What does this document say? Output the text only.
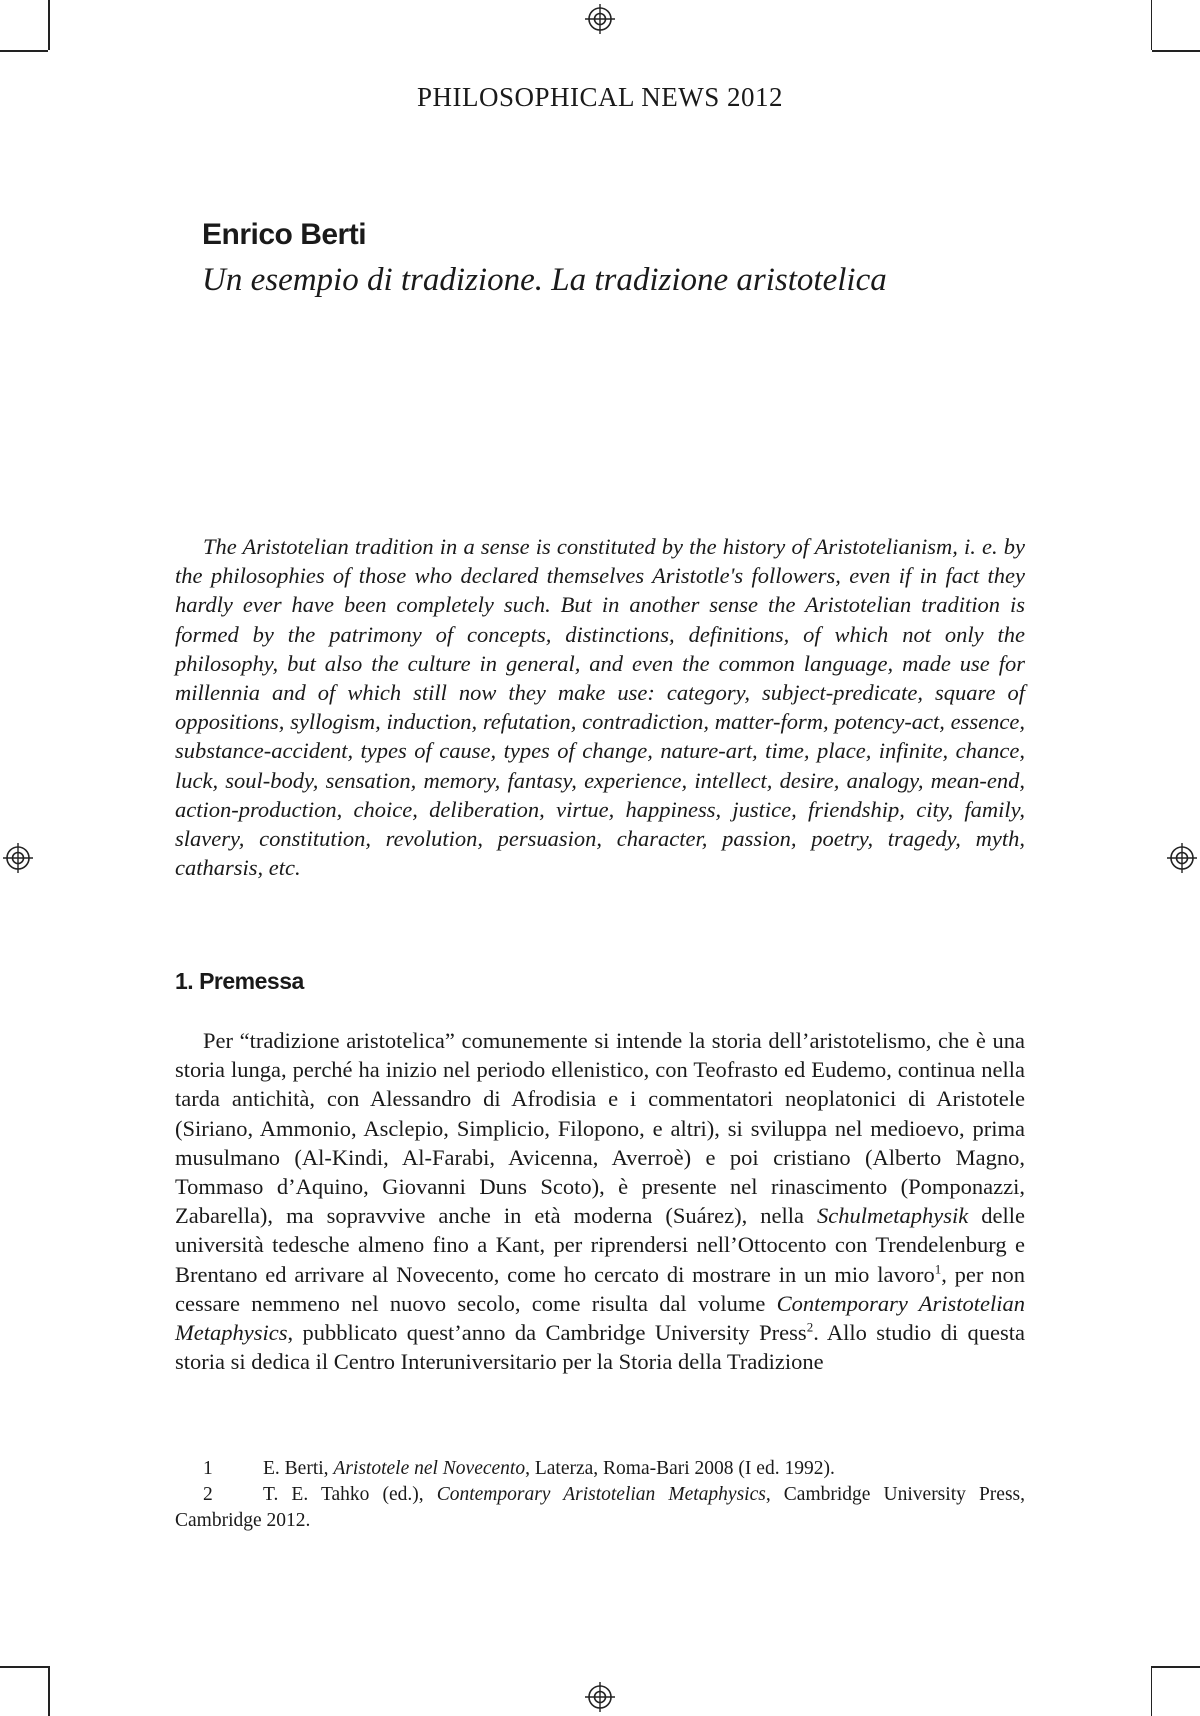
PHILOSOPHICAL NEWS 2012
Enrico Berti
Un esempio di tradizione. La tradizione aristotelica

The Aristotelian tradition in a sense is constituted by the history of Aristotelianism, i. e. by the philosophies of those who declared themselves Aristotle's followers, even if in fact they hardly ever have been completely such. But in another sense the Aristotelian tradition is formed by the patrimony of concepts, distinctions, definitions, of which not only the philosophy, but also the culture in general, and even the common language, made use for millennia and of which still now they make use: category, subject-predicate, square of oppositions, syllogism, induction, refutation, contradiction, matter-form, potency-act, essence, substance-accident, types of cause, types of change, nature-art, time, place, infinite, chance, luck, soul-body, sensation, memory, fantasy, experience, intellect, desire, analogy, mean-end, action-production, choice, deliberation, virtue, happiness, justice, friendship, city, family, slavery, constitution, revolution, persuasion, character, passion, poetry, tragedy, myth, catharsis, etc.

1. Premessa

Per “tradizione aristotelica” comunemente si intende la storia dell’aristotelismo, che è una storia lunga, perché ha inizio nel periodo ellenistico, con Teofrasto ed Eudemo, continua nella tarda antichità, con Alessandro di Afrodisia e i commentatori neoplatonici di Aristotele (Siriano, Ammonio, Asclepio, Simplicio, Filopono, e altri), si sviluppa nel medioevo, prima musulmano (Al-Kindi, Al-Farabi, Avicenna, Averroè) e poi cristiano (Alberto Magno, Tommaso d’Aquino, Giovanni Duns Scoto), è presente nel rinascimento (Pomponazzi, Zabarella), ma sopravvive anche in età moderna (Suárez), nella Schulmetaphysik delle università tedesche almeno fino a Kant, per riprendersi nell’Ottocento con Trendelenburg e Brentano ed arrivare al Novecento, come ho cercato di mostrare in un mio lavoro$^1$, per non cessare nemmeno nel nuovo secolo, come risulta dal volume Contemporary Aristotelian Metaphysics, pubblicato quest’anno da Cambridge University Press$^2$. Allo studio di questa storia si dedica il Centro Interuniversitario per la Storia della Tradizione

1	E. Berti, Aristotele nel Novecento, Laterza, Roma-Bari 2008 (I ed. 1992).

2	T. E. Tahko (ed.), Contemporary Aristotelian Metaphysics, Cambridge University Press, Cambridge 2012.
